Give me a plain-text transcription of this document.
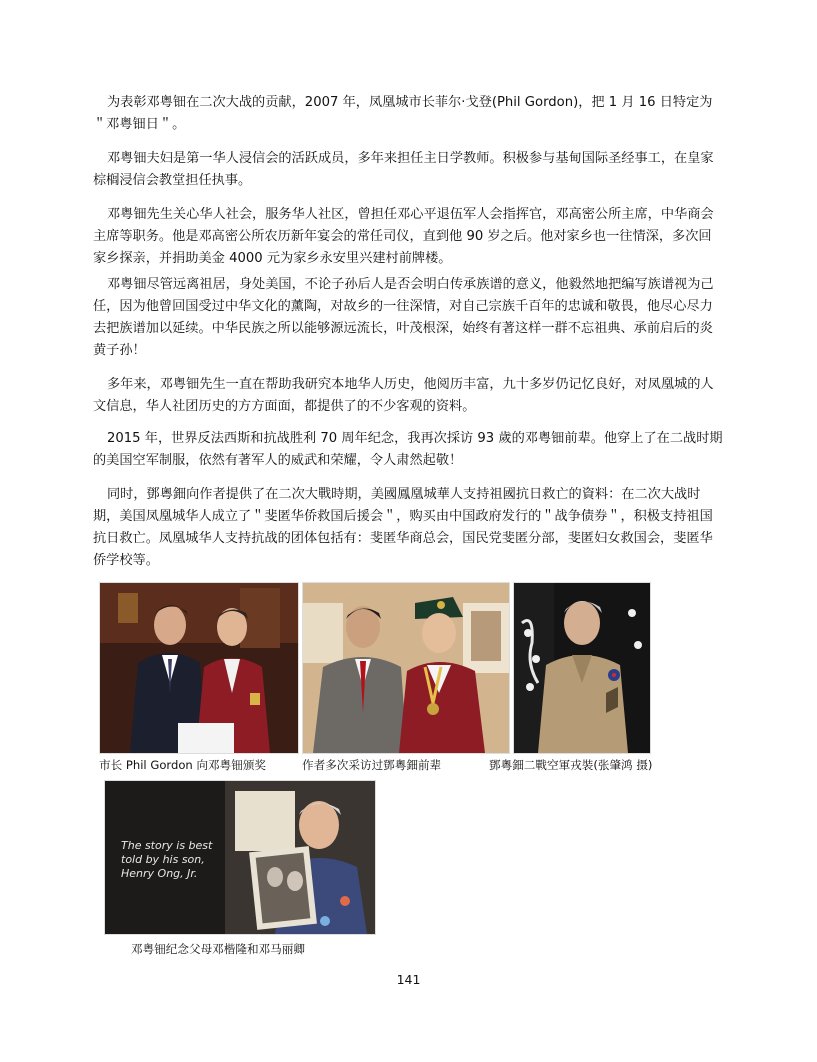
为表彰邓粤钿在二次大战的贡献，2007 年，凤凰城市长菲尔·戈登(Phil Gordon)，把 1 月 16 日特定为＂邓粤钿日＂。

邓粤钿夫妇是第一华人浸信会的活跃成员，多年来担任主日学教师。积极参与基甸国际圣经事工，在皇家棕榈浸信会教堂担任执事。

邓粤钿先生关心华人社会，服务华人社区，曾担任邓心平退伍军人会指挥官，邓高密公所主席，中华商会主席等职务。他是邓高密公所农历新年宴会的常任司仪，直到他 90 岁之后。他对家乡也一往情深，多次回家乡探亲，并捐助美金 4000 元为家乡永安里兴建村前牌楼。

邓粤钿尽管远离祖居，身处美国，不论子孙后人是否会明白传承族谱的意义，他毅然地把编写族谱视为己任，因为他曾回国受过中华文化的薰陶，对故乡的一往深情，对自己宗族千百年的忠诚和敬畏，他尽心尽力去把族谱加以延续。中华民族之所以能够源远流长，叶茂根深，始终有著这样一群不忘祖典、承前启后的炎黄子孙！

多年来，邓粤钿先生一直在帮助我研究本地华人历史，他阅历丰富，九十多岁仍记忆良好，对凤凰城的人文信息，华人社团历史的方方面面，都提供了的不少客观的资料。

2015 年，世界反法西斯和抗战胜利 70 周年纪念，我再次採访 93 歲的邓粤钿前辈。他穿上了在二战时期的美国空军制服，依然有著军人的威武和荣耀，令人肃然起敬！

同时，鄧粵鈿向作者提供了在二次大戰時期，美國鳳凰城華人支持祖國抗日救亡的資料：在二次大战时期，美国凤凰城华人成立了＂斐匿华侨救国后援会＂，购买由中国政府发行的＂战争债券＂，积极支持祖国抗日救亡。凤凰城华人支持抗战的团体包括有：斐匿华商总会，国民党斐匿分部，斐匿妇女救国会，斐匿华侨学校等。

市长 Phil Gordon 向邓粤钿颁奖	作者多次采访过鄧粵鈿前辈	鄧粵鈿二戰空軍戎裝(张肇鸿 摄)
The story is best
told by his son,
Henry Ong, Jr.
邓粤钿纪念父母邓楷隆和邓马丽卿
141
